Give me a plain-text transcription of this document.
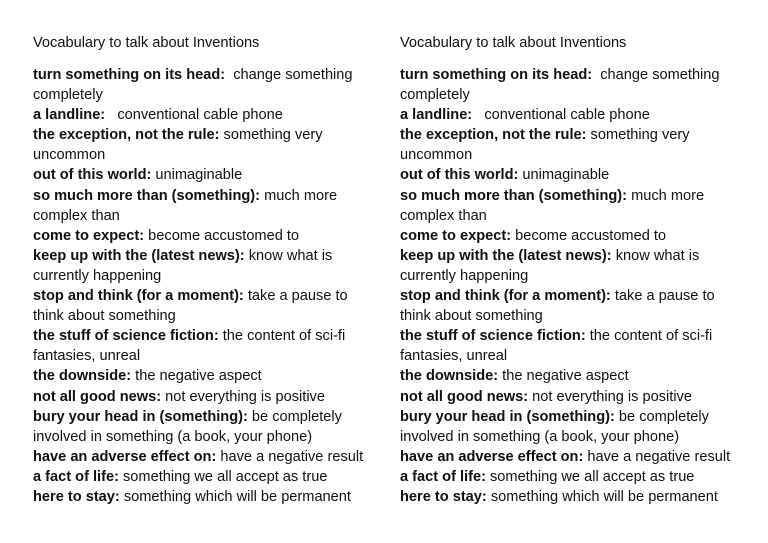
Vocabulary to talk about Inventions

turn something on its head:  change something completely

a landline:   conventional cable phone

the exception, not the rule: something very uncommon

out of this world: unimaginable

so much more than (something): much more complex than

come to expect: become accustomed to

keep up with the (latest news): know what is currently happening

stop and think (for a moment): take a pause to think about something

the stuff of science fiction: the content of sci-fi fantasies, unreal

the downside: the negative aspect

not all good news: not everything is positive

bury your head in (something): be completely involved in something (a book, your phone)

have an adverse effect on: have a negative result

a fact of life: something we all accept as true

here to stay: something which will be permanent

Vocabulary to talk about Inventions

turn something on its head:  change something completely

a landline:   conventional cable phone

the exception, not the rule: something very uncommon

out of this world: unimaginable

so much more than (something): much more complex than

come to expect: become accustomed to

keep up with the (latest news): know what is currently happening

stop and think (for a moment): take a pause to think about something

the stuff of science fiction: the content of sci-fi fantasies, unreal

the downside: the negative aspect

not all good news: not everything is positive

bury your head in (something): be completely involved in something (a book, your phone)

have an adverse effect on: have a negative result

a fact of life: something we all accept as true

here to stay: something which will be permanent
